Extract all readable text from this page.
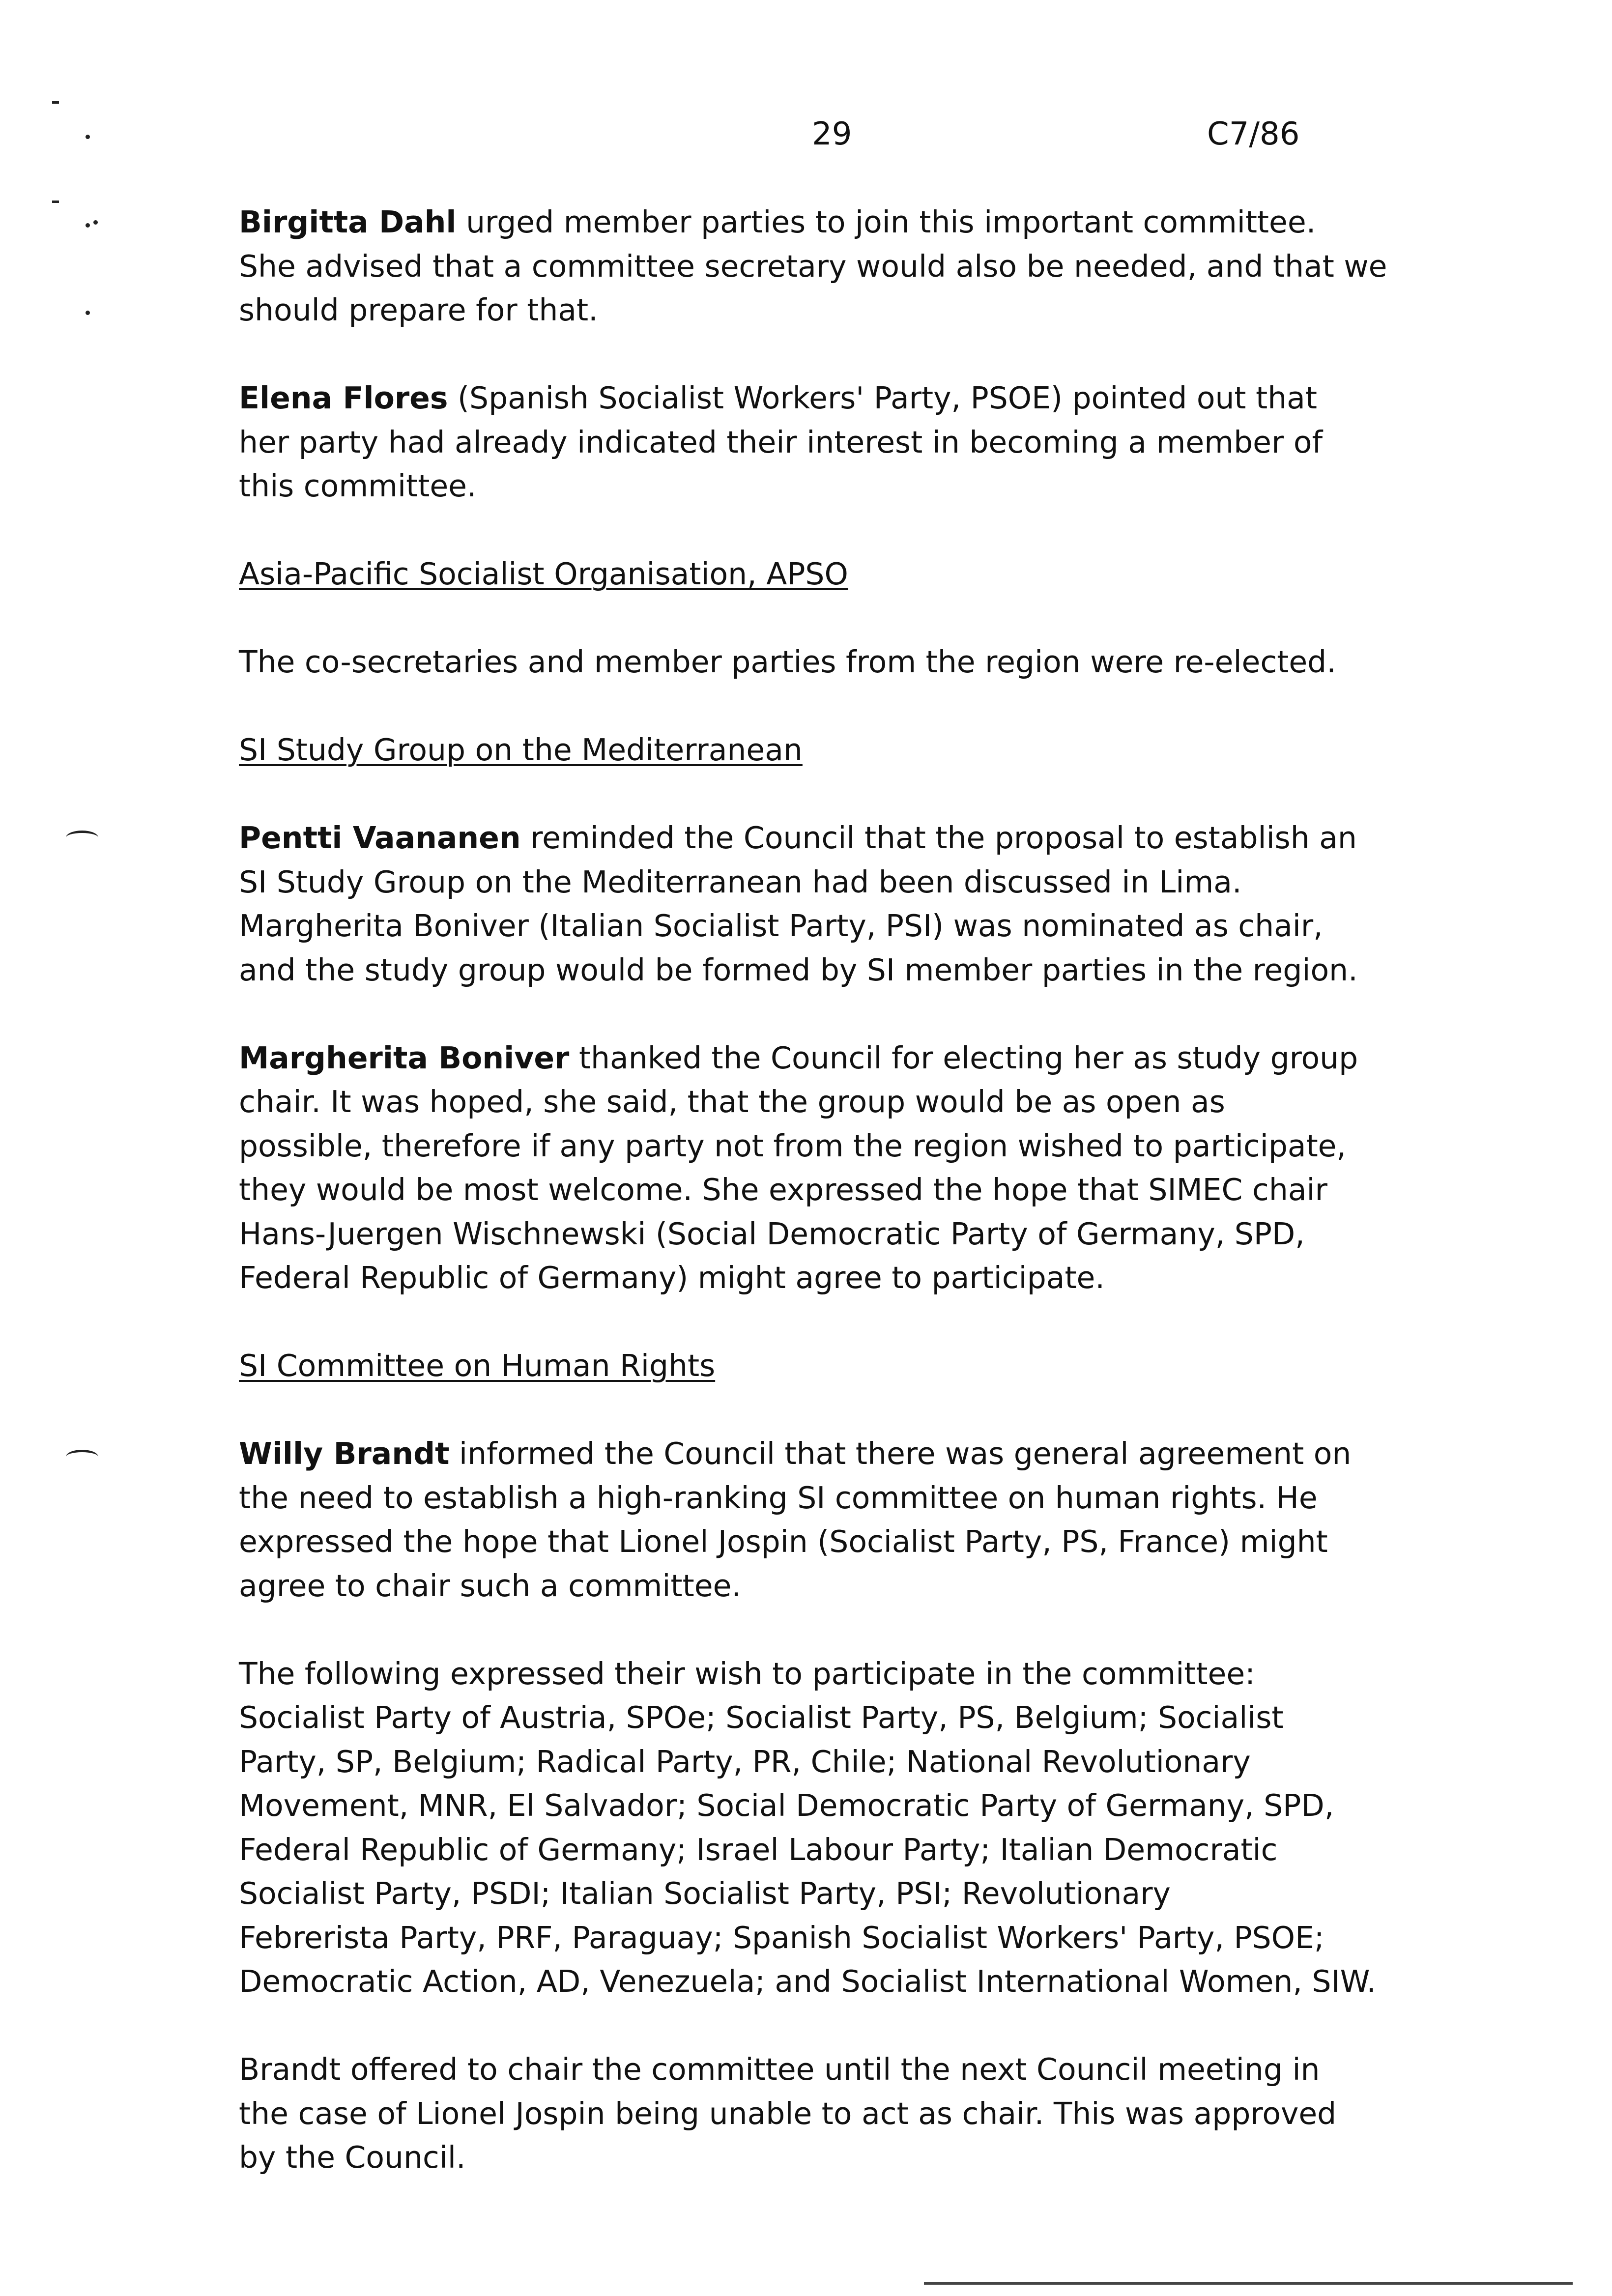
29	C7/86
Birgitta Dahl urged member parties to join this important committee.
She advised that a committee secretary would also be needed, and that we
should prepare for that.
Elena Flores (Spanish Socialist Workers' Party, PSOE) pointed out that
her party had already indicated their interest in becoming a member of
this committee.
Asia-Pacific Socialist Organisation, APSO
The co-secretaries and member parties from the region were re-elected.
SI Study Group on the Mediterranean
Pentti Vaananen reminded the Council that the proposal to establish an
SI Study Group on the Mediterranean had been discussed in Lima.
Margherita Boniver (Italian Socialist Party, PSI) was nominated as chair,
and the study group would be formed by SI member parties in the region.
Margherita Boniver thanked the Council for electing her as study group
chair. It was hoped, she said, that the group would be as open as
possible, therefore if any party not from the region wished to participate,
they would be most welcome. She expressed the hope that SIMEC chair
Hans-Juergen Wischnewski (Social Democratic Party of Germany, SPD,
Federal Republic of Germany) might agree to participate.
SI Committee on Human Rights
Willy Brandt informed the Council that there was general agreement on
the need to establish a high-ranking SI committee on human rights. He
expressed the hope that Lionel Jospin (Socialist Party, PS, France) might
agree to chair such a committee.
The following expressed their wish to participate in the committee:
Socialist Party of Austria, SPOe; Socialist Party, PS, Belgium; Socialist
Party, SP, Belgium; Radical Party, PR, Chile; National Revolutionary
Movement, MNR, El Salvador; Social Democratic Party of Germany, SPD,
Federal Republic of Germany; Israel Labour Party; Italian Democratic
Socialist Party, PSDI; Italian Socialist Party, PSI; Revolutionary
Febrerista Party, PRF, Paraguay; Spanish Socialist Workers' Party, PSOE;
Democratic Action, AD, Venezuela; and Socialist International Women, SIW.
Brandt offered to chair the committee until the next Council meeting in
the case of Lionel Jospin being unable to act as chair. This was approved
by the Council.
